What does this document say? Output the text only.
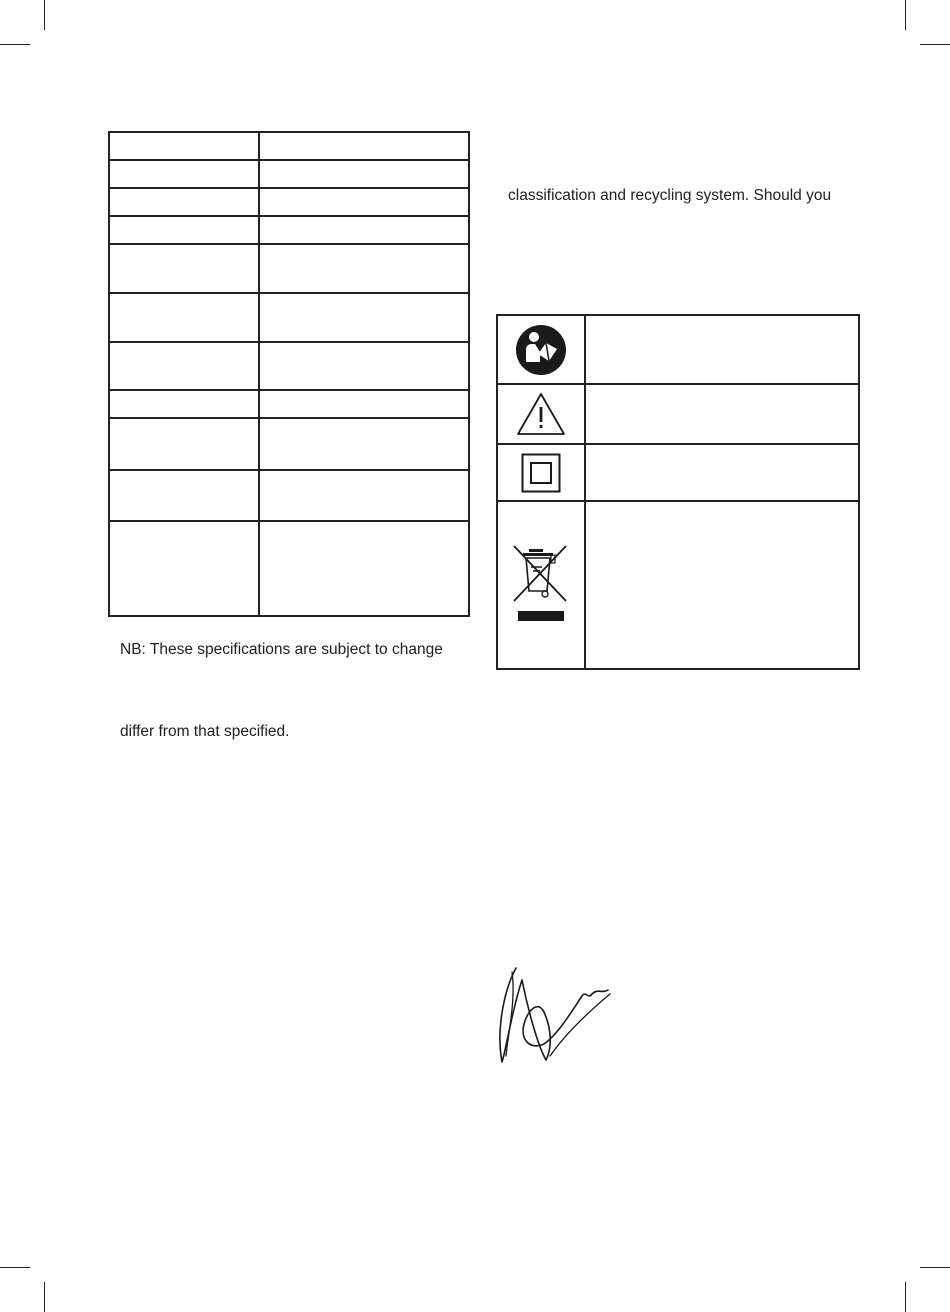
NB: These specifications are subject to change
differ from that specified.
classification and recycling system. Should you
